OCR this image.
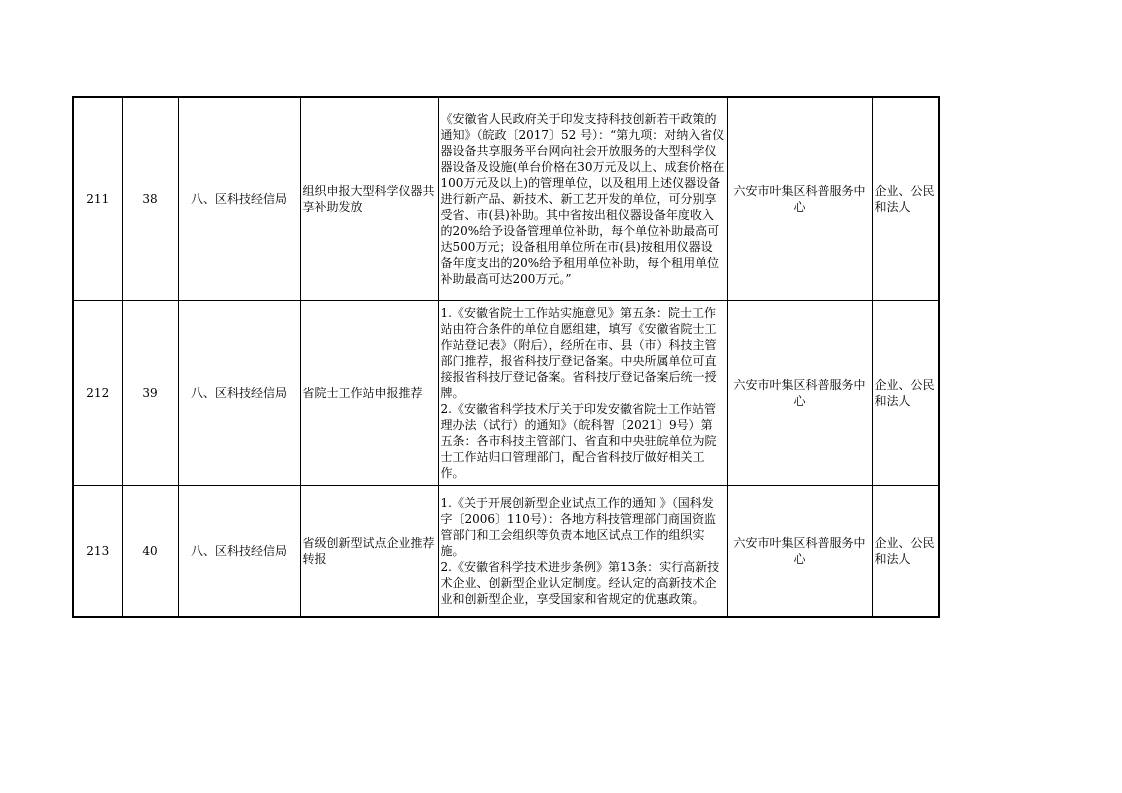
211	38	八、区科技经信局	组织申报大型科学仪器共享补助发放	《安徽省人民政府关于印发支持科技创新若干政策的通知》（皖政〔2017〕52 号）：“第九项：对纳入省仪器设备共享服务平台网向社会开放服务的大型科学仪器设备及设施(单台价格在30万元及以上、成套价格在100万元及以上)的管理单位，以及租用上述仪器设备进行新产品、新技术、新工艺开发的单位，可分别享受省、市(县)补助。其中省按出租仪器设备年度收入的20%给予设备管理单位补助，每个单位补助最高可达500万元；设备租用单位所在市(县)按租用仪器设备年度支出的20%给予租用单位补助，每个租用单位补助最高可达200万元。”	六安市叶集区科普服务中心	企业、公民和法人
212	39	八、区科技经信局	省院士工作站申报推荐	1.《安徽省院士工作站实施意见》第五条：院士工作站由符合条件的单位自愿组建，填写《安徽省院士工作站登记表》（附后），经所在市、县（市）科技主管部门推荐，报省科技厅登记备案。中央所属单位可直接报省科技厅登记备案。省科技厅登记备案后统一授牌。
2.《安徽省科学技术厅关于印发安徽省院士工作站管理办法（试行）的通知》（皖科智〔2021〕9号）第五条：各市科技主管部门、省直和中央驻皖单位为院士工作站归口管理部门，配合省科技厅做好相关工作。	六安市叶集区科普服务中心	企业、公民和法人
213	40	八、区科技经信局	省级创新型试点企业推荐转报	1.《关于开展创新型企业试点工作的通知 》（国科发字〔2006〕110号）：各地方科技管理部门商国资监管部门和工会组织等负责本地区试点工作的组织实施。
2.《安徽省科学技术进步条例》第13条：实行高新技术企业、创新型企业认定制度。经认定的高新技术企业和创新型企业，享受国家和省规定的优惠政策。	六安市叶集区科普服务中心	企业、公民和法人
